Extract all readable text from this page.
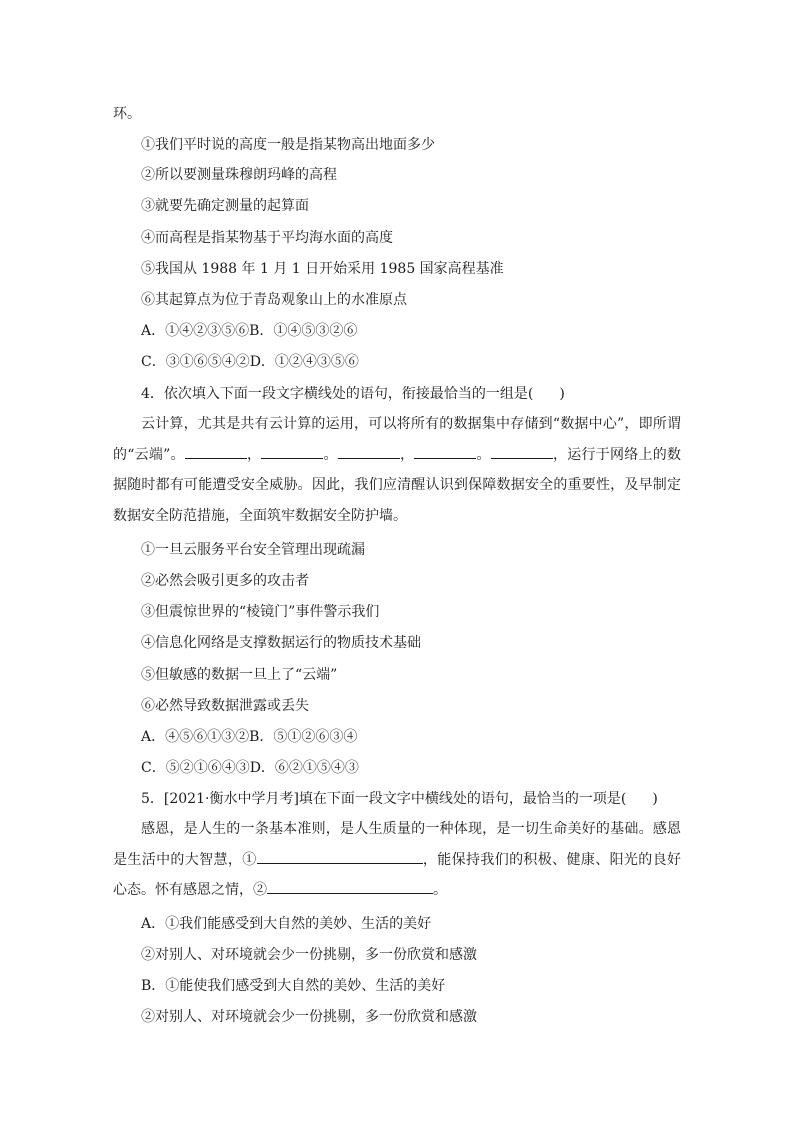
环。
①我们平时说的高度一般是指某物高出地面多少
②所以要测量珠穆朗玛峰的高程
③就要先确定测量的起算面
④而高程是指某物基于平均海水面的高度
⑤我国从 1988 年 1 月 1 日开始采用 1985 国家高程基准
⑥其起算点为位于青岛观象山上的水准原点
A．①④②③⑤⑥B．①④⑤③②⑥
C．③①⑥⑤④②D．①②④③⑤⑥
4．依次填入下面一段文字横线处的语句，衔接最恰当的一组是( )
云计算，尤其是共有云计算的运用，可以将所有的数据集中存储到“数据中心”，即所谓的“云端”。	，	。	，	。	，运行于网络上的数据随时都有可能遭受安全威胁。因此，我们应清醒认识到保障数据安全的重要性，及早制定数据安全防范措施，全面筑牢数据安全防护墙。
①一旦云服务平台安全管理出现疏漏
②必然会吸引更多的攻击者
③但震惊世界的“棱镜门”事件警示我们
④信息化网络是支撑数据运行的物质技术基础
⑤但敏感的数据一旦上了“云端”
⑥必然导致数据泄露或丢失
A．④⑤⑥①③②B．⑤①②⑥③④
C．⑤②①⑥④③D．⑥②①⑤④③
5．[2021·衡水中学月考]填在下面一段文字中横线处的语句，最恰当的一项是( )
感恩，是人生的一条基本准则，是人生质量的一种体现，是一切生命美好的基础。感恩是生活中的大智慧，①	，能保持我们的积极、健康、阳光的良好心态。怀有感恩之情，②	。
A．①我们能感受到大自然的美妙、生活的美好
②对别人、对环境就会少一份挑剔，多一份欣赏和感激
B．①能使我们感受到大自然的美妙、生活的美好
②对别人、对环境就会少一份挑剔，多一份欣赏和感激
